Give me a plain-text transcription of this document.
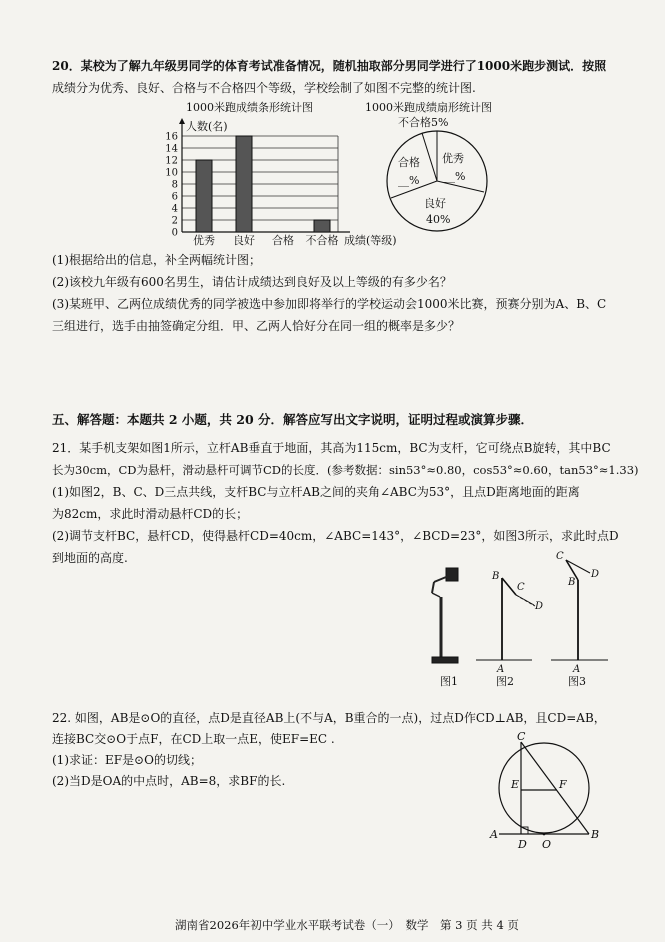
20．某校为了解九年级男同学的体育考试准备情况，随机抽取部分男同学进行了1000米跑步测试．按照
成绩分为优秀、良好、合格与不合格四个等级，学校绘制了如图不完整的统计图.
1000米跑成绩条形统计图	1000米跑成绩扇形统计图
0
2
4
6
8
10
12
14
16
人数(名)
优秀 良好 合格 不合格 成绩(等级)
不合格5%
合格
__%
优秀
__%
良好
40%
(1)根据给出的信息，补全两幅统计图；
(2)该校九年级有600名男生，请估计成绩达到良好及以上等级的有多少名？
(3)某班甲、乙两位成绩优秀的同学被选中参加即将举行的学校运动会1000米比赛，预赛分别为A、B、C
三组进行，选手由抽签确定分组．甲、乙两人恰好分在同一组的概率是多少？
五、解答题：本题共 2 小题，共 20 分．解答应写出文字说明，证明过程或演算步骤．
21．某手机支架如图1所示，立杆AB垂直于地面，其高为115cm，BC为支杆，它可绕点B旋转，其中BC
长为30cm，CD为悬杆，滑动悬杆可调节CD的长度．(参考数据：sin53°≈0.80，cos53°≈0.60，tan53°≈1.33)
(1)如图2，B、C、D三点共线，支杆BC与立杆AB之间的夹角∠ABC为53°，且点D距离地面的距离
为82cm，求此时滑动悬杆CD的长；
(2)调节支杆BC，悬杆CD，使得悬杆CD=40cm，∠ABC=143°，∠BCD=23°，如图3所示，求此时点D
到地面的高度.
图1
B
C
D
A
图2
C
B
D
A
图3
22. 如图，AB是⊙O的直径，点D是直径AB上(不与A，B重合的一点)，过点D作CD⊥AB，且CD=AB，
连接BC交⊙O于点F，在CD上取一点E，使EF=EC .
(1)求证：EF是⊙O的切线；
(2)当D是OA的中点时，AB=8，求BF的长.
C
E	F
A	B
D O
湖南省2026年初中学业水平联考试卷（一）　数学　第 3 页 共 4 页
